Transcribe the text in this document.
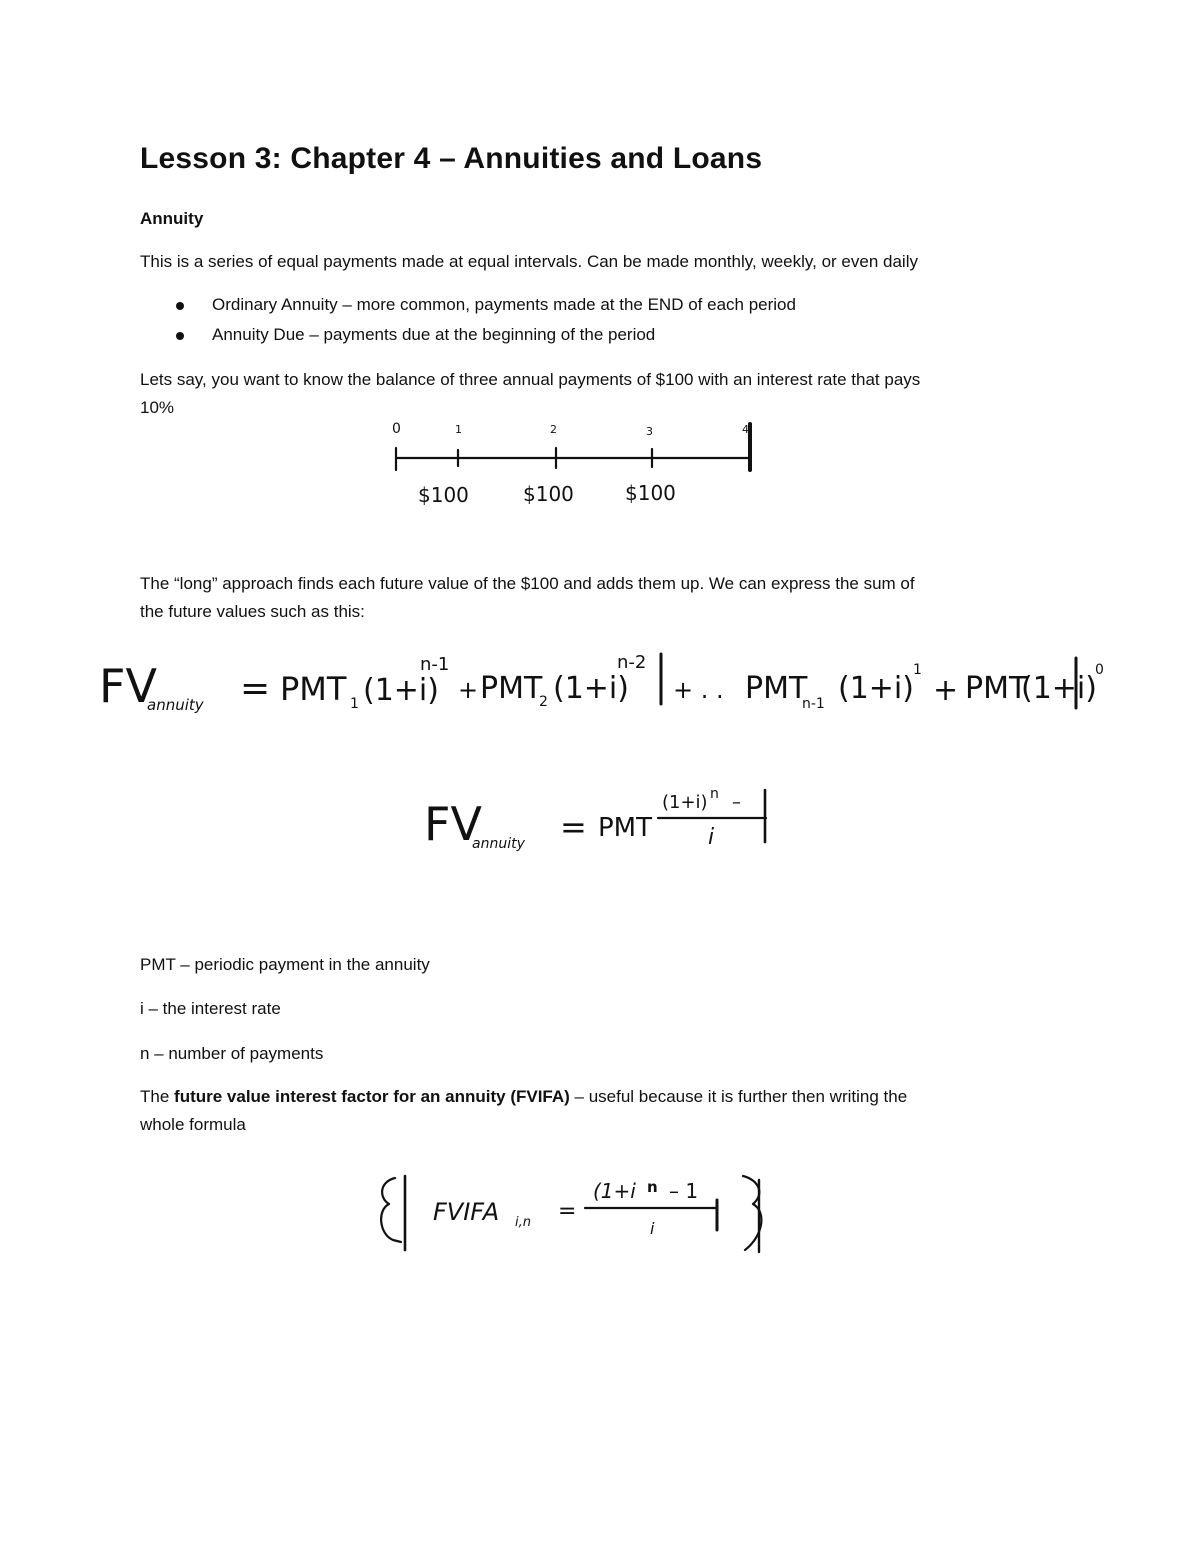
Lesson 3: Chapter 4 – Annuities and Loans
Annuity
This is a series of equal payments made at equal intervals. Can be made monthly, weekly, or even daily
Ordinary Annuity – more common, payments made at the END of each period
Annuity Due – payments due at the beginning of the period
Lets say, you want to know the balance of three annual payments of $100 with an interest rate that pays
10%
0	1	2	3	4
$100	$100	$100
The “long” approach finds each future value of the $100 and adds them up. We can express the sum of
the future values such as this:
FV
annuity = PMT 1 (1+i)
n-1
+ PMT
2 (1+i)
n-2
+ . . PMT
n-1 (1+i)
1
+ PMT
(1+i)
0
FV
annuity = PMT
(1+i) n –
i
PMT – periodic payment in the annuity
i – the interest rate
n – number of payments
The future value interest factor for an annuity (FVIFA) – useful because it is further then writing the
whole formula
FVIFA i,n =
(1+i n – 1
i
